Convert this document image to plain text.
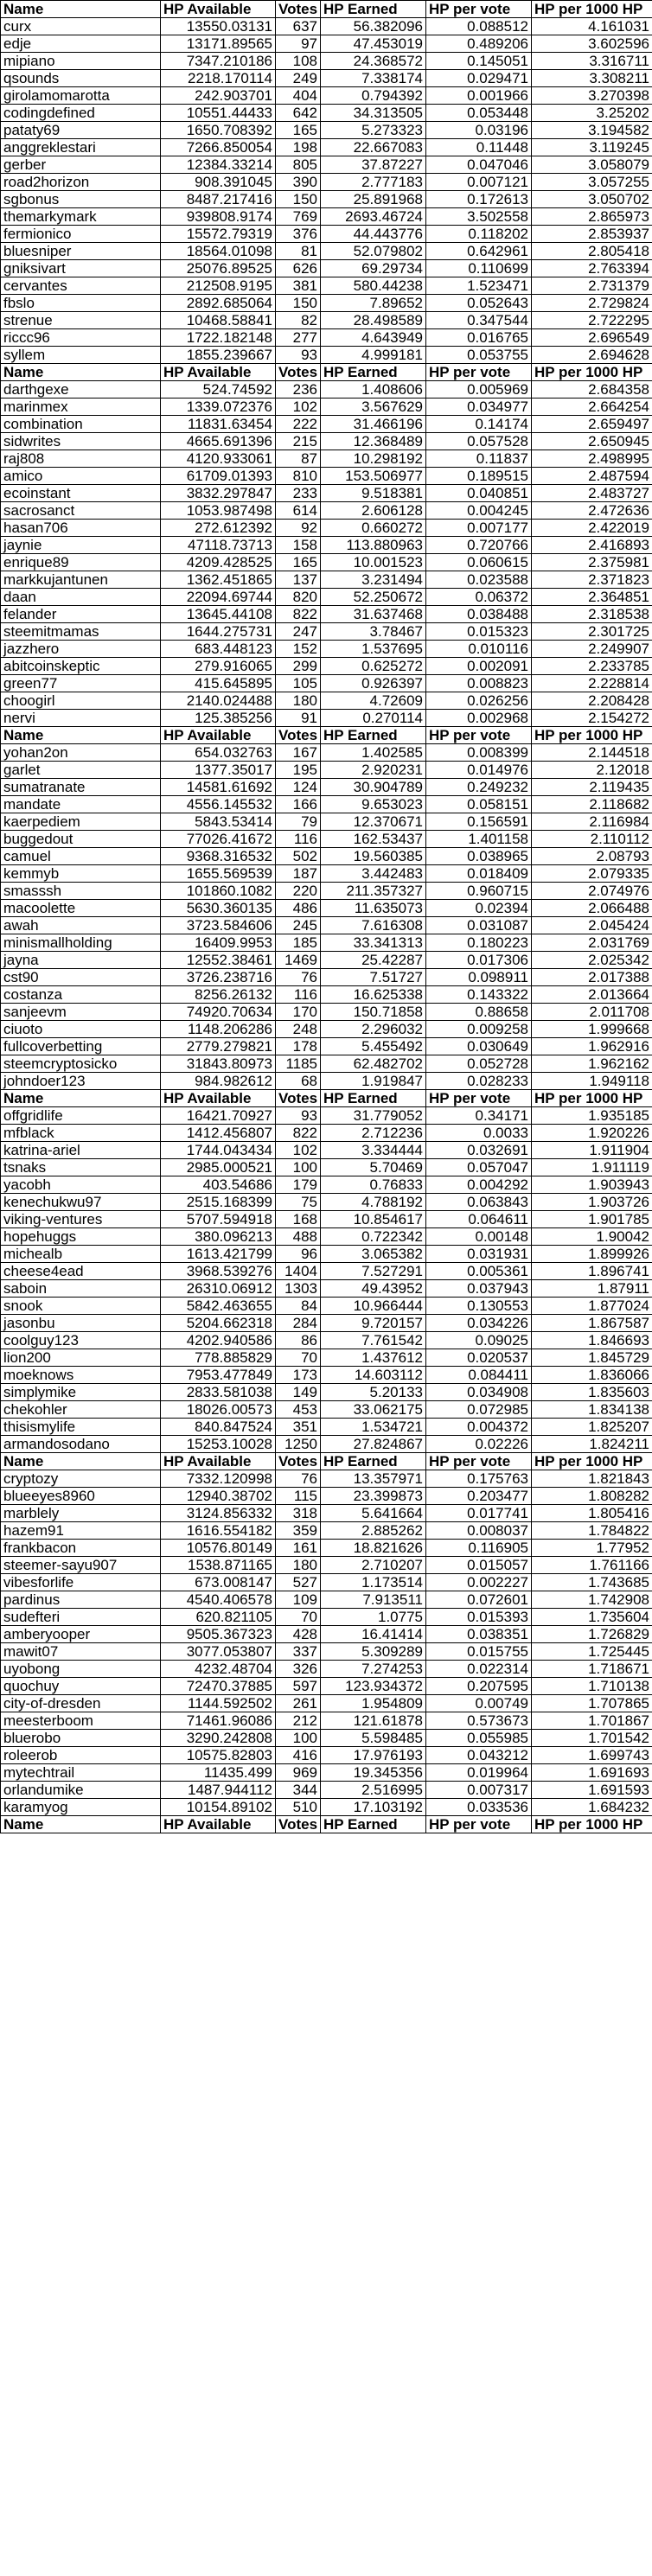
Name	HP Available	Votes	HP Earned	HP per vote	HP per 1000 HP
curx	13550.03131	637	56.382096	0.088512	4.161031
edje	13171.89565	97	47.453019	0.489206	3.602596
mipiano	7347.210186	108	24.368572	0.145051	3.316711
qsounds	2218.170114	249	7.338174	0.029471	3.308211
girolamomarotta	242.903701	404	0.794392	0.001966	3.270398
codingdefined	10551.44433	642	34.313505	0.053448	3.25202
pataty69	1650.708392	165	5.273323	0.03196	3.194582
anggreklestari	7266.850054	198	22.667083	0.11448	3.119245
gerber	12384.33214	805	37.87227	0.047046	3.058079
road2horizon	908.391045	390	2.777183	0.007121	3.057255
sgbonus	8487.217416	150	25.891968	0.172613	3.050702
themarkymark	939808.9174	769	2693.46724	3.502558	2.865973
fermionico	15572.79319	376	44.443776	0.118202	2.853937
bluesniper	18564.01098	81	52.079802	0.642961	2.805418
gniksivart	25076.89525	626	69.29734	0.110699	2.763394
cervantes	212508.9195	381	580.44238	1.523471	2.731379
fbslo	2892.685064	150	7.89652	0.052643	2.729824
strenue	10468.58841	82	28.498589	0.347544	2.722295
riccc96	1722.182148	277	4.643949	0.016765	2.696549
syllem	1855.239667	93	4.999181	0.053755	2.694628
Name	HP Available	Votes	HP Earned	HP per vote	HP per 1000 HP
darthgexe	524.74592	236	1.408606	0.005969	2.684358
marinmex	1339.072376	102	3.567629	0.034977	2.664254
combination	11831.63454	222	31.466196	0.14174	2.659497
sidwrites	4665.691396	215	12.368489	0.057528	2.650945
raj808	4120.933061	87	10.298192	0.11837	2.498995
amico	61709.01393	810	153.506977	0.189515	2.487594
ecoinstant	3832.297847	233	9.518381	0.040851	2.483727
sacrosanct	1053.987498	614	2.606128	0.004245	2.472636
hasan706	272.612392	92	0.660272	0.007177	2.422019
jaynie	47118.73713	158	113.880963	0.720766	2.416893
enrique89	4209.428525	165	10.001523	0.060615	2.375981
markkujantunen	1362.451865	137	3.231494	0.023588	2.371823
daan	22094.69744	820	52.250672	0.06372	2.364851
felander	13645.44108	822	31.637468	0.038488	2.318538
steemitmamas	1644.275731	247	3.78467	0.015323	2.301725
jazzhero	683.448123	152	1.537695	0.010116	2.249907
abitcoinskeptic	279.916065	299	0.625272	0.002091	2.233785
green77	415.645895	105	0.926397	0.008823	2.228814
choogirl	2140.024488	180	4.72609	0.026256	2.208428
nervi	125.385256	91	0.270114	0.002968	2.154272
Name	HP Available	Votes	HP Earned	HP per vote	HP per 1000 HP
yohan2on	654.032763	167	1.402585	0.008399	2.144518
garlet	1377.35017	195	2.920231	0.014976	2.12018
sumatranate	14581.61692	124	30.904789	0.249232	2.119435
mandate	4556.145532	166	9.653023	0.058151	2.118682
kaerpediem	5843.53414	79	12.370671	0.156591	2.116984
buggedout	77026.41672	116	162.53437	1.401158	2.110112
camuel	9368.316532	502	19.560385	0.038965	2.08793
kemmyb	1655.569539	187	3.442483	0.018409	2.079335
smasssh	101860.1082	220	211.357327	0.960715	2.074976
macoolette	5630.360135	486	11.635073	0.02394	2.066488
awah	3723.584606	245	7.616308	0.031087	2.045424
minismallholding	16409.9953	185	33.341313	0.180223	2.031769
jayna	12552.38461	1469	25.42287	0.017306	2.025342
cst90	3726.238716	76	7.51727	0.098911	2.017388
costanza	8256.26132	116	16.625338	0.143322	2.013664
sanjeevm	74920.70634	170	150.71858	0.88658	2.011708
ciuoto	1148.206286	248	2.296032	0.009258	1.999668
fullcoverbetting	2779.279821	178	5.455492	0.030649	1.962916
steemcryptosicko	31843.80973	1185	62.482702	0.052728	1.962162
johndoer123	984.982612	68	1.919847	0.028233	1.949118
Name	HP Available	Votes	HP Earned	HP per vote	HP per 1000 HP
offgridlife	16421.70927	93	31.779052	0.34171	1.935185
mfblack	1412.456807	822	2.712236	0.0033	1.920226
katrina-ariel	1744.043434	102	3.334444	0.032691	1.911904
tsnaks	2985.000521	100	5.70469	0.057047	1.911119
yacobh	403.54686	179	0.76833	0.004292	1.903943
kenechukwu97	2515.168399	75	4.788192	0.063843	1.903726
viking-ventures	5707.594918	168	10.854617	0.064611	1.901785
hopehuggs	380.096213	488	0.722342	0.00148	1.90042
michealb	1613.421799	96	3.065382	0.031931	1.899926
cheese4ead	3968.539276	1404	7.527291	0.005361	1.896741
saboin	26310.06912	1303	49.43952	0.037943	1.87911
snook	5842.463655	84	10.966444	0.130553	1.877024
jasonbu	5204.662318	284	9.720157	0.034226	1.867587
coolguy123	4202.940586	86	7.761542	0.09025	1.846693
lion200	778.885829	70	1.437612	0.020537	1.845729
moeknows	7953.477849	173	14.603112	0.084411	1.836066
simplymike	2833.581038	149	5.20133	0.034908	1.835603
chekohler	18026.00573	453	33.062175	0.072985	1.834138
thisismylife	840.847524	351	1.534721	0.004372	1.825207
armandosodano	15253.10028	1250	27.824867	0.02226	1.824211
Name	HP Available	Votes	HP Earned	HP per vote	HP per 1000 HP
cryptozy	7332.120998	76	13.357971	0.175763	1.821843
blueeyes8960	12940.38702	115	23.399873	0.203477	1.808282
marblely	3124.856332	318	5.641664	0.017741	1.805416
hazem91	1616.554182	359	2.885262	0.008037	1.784822
frankbacon	10576.80149	161	18.821626	0.116905	1.77952
steemer-sayu907	1538.871165	180	2.710207	0.015057	1.761166
vibesforlife	673.008147	527	1.173514	0.002227	1.743685
pardinus	4540.406578	109	7.913511	0.072601	1.742908
sudefteri	620.821105	70	1.0775	0.015393	1.735604
amberyooper	9505.367323	428	16.41414	0.038351	1.726829
mawit07	3077.053807	337	5.309289	0.015755	1.725445
uyobong	4232.48704	326	7.274253	0.022314	1.718671
quochuy	72470.37885	597	123.934372	0.207595	1.710138
city-of-dresden	1144.592502	261	1.954809	0.00749	1.707865
meesterboom	71461.96086	212	121.61878	0.573673	1.701867
bluerobo	3290.242808	100	5.598485	0.055985	1.701542
roleerob	10575.82803	416	17.976193	0.043212	1.699743
mytechtrail	11435.499	969	19.345356	0.019964	1.691693
orlandumike	1487.944112	344	2.516995	0.007317	1.691593
karamyog	10154.89102	510	17.103192	0.033536	1.684232
Name	HP Available	Votes	HP Earned	HP per vote	HP per 1000 HP
